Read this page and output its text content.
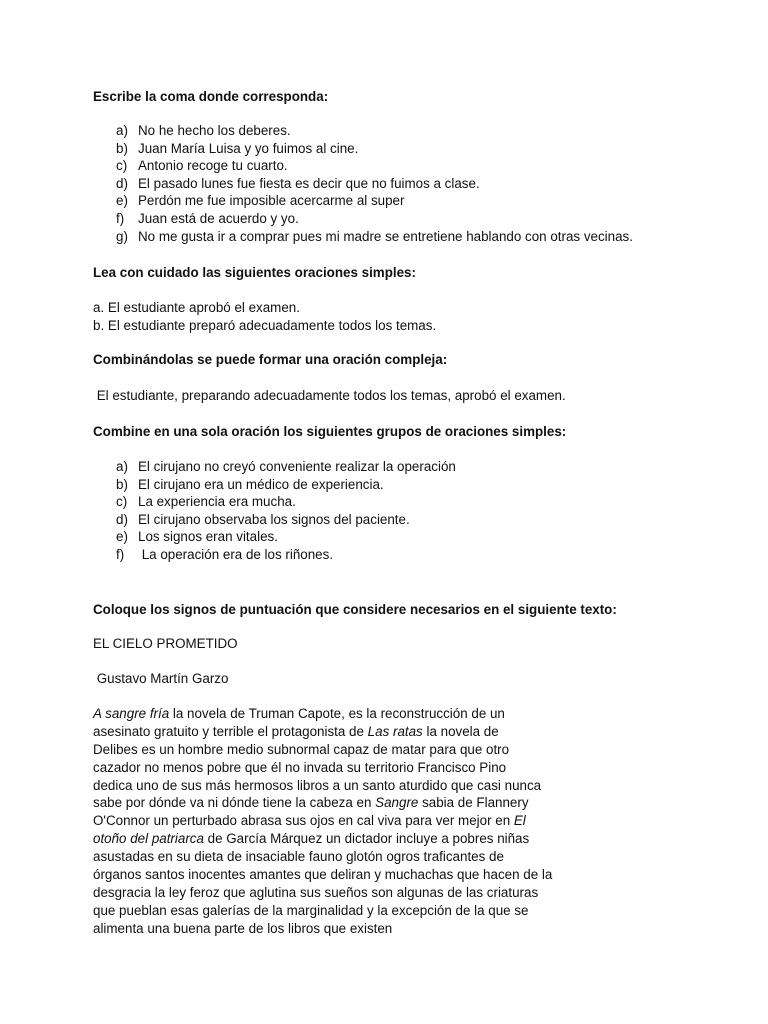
Escribe la coma donde corresponda:
a) No he hecho los deberes.
b) Juan María Luisa y yo fuimos al cine.
c) Antonio recoge tu cuarto.
d) El pasado lunes fue fiesta es decir que no fuimos a clase.
e) Perdón me fue imposible acercarme al super
f)	Juan está de acuerdo y yo.
g) No me gusta ir a comprar pues mi madre se entretiene hablando con otras vecinas.
Lea con cuidado las siguientes oraciones simples:
a. El estudiante aprobó el examen.
b. El estudiante preparó adecuadamente todos los temas.
Combinándolas se puede formar una oración compleja:
El estudiante, preparando adecuadamente todos los temas, aprobó el examen.
Combine en una sola oración los siguientes grupos de oraciones simples:
a) El cirujano no creyó conveniente realizar la operación
b) El cirujano era un médico de experiencia.
c) La experiencia era mucha.
d) El cirujano observaba los signos del paciente.
e) Los signos eran vitales.
f)	La operación era de los riñones.
Coloque los signos de puntuación que considere necesarios en el siguiente texto:
EL CIELO PROMETIDO
Gustavo Martín Garzo
A sangre fría la novela de Truman Capote, es la reconstrucción de un
asesinato gratuito y terrible el protagonista de Las ratas la novela de
Delibes es un hombre medio subnormal capaz de matar para que otro
cazador no menos pobre que él no invada su territorio Francisco Pino
dedica uno de sus más hermosos libros a un santo aturdido que casi nunca
sabe por dónde va ni dónde tiene la cabeza en Sangre sabia de Flannery
O'Connor un perturbado abrasa sus ojos en cal viva para ver mejor en El
otoño del patriarca de García Márquez un dictador incluye a pobres niñas
asustadas en su dieta de insaciable fauno glotón ogros traficantes de
órganos santos inocentes amantes que deliran y muchachas que hacen de la
desgracia la ley feroz que aglutina sus sueños son algunas de las criaturas
que pueblan esas galerías de la marginalidad y la excepción de la que se
alimenta una buena parte de los libros que existen
